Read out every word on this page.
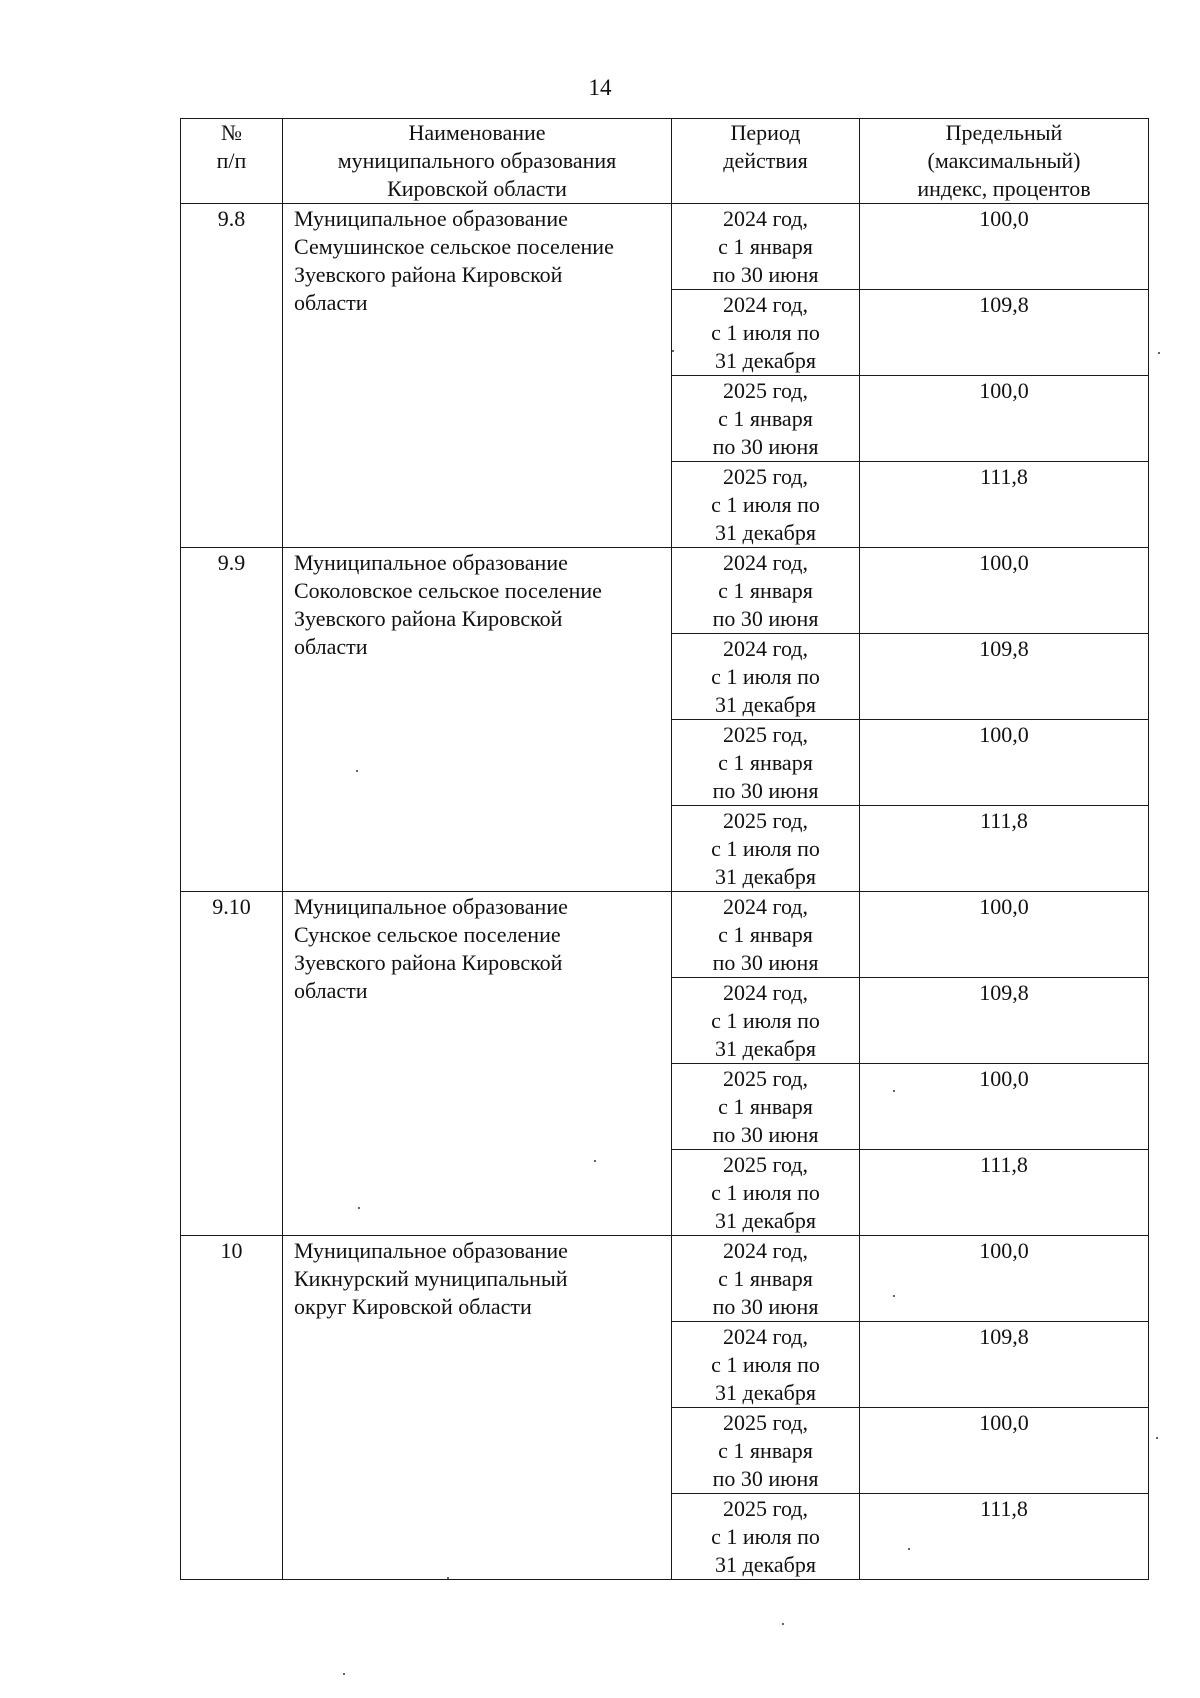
14
№
п/п	Наименование
муниципального образования
Кировской области	Период
действия	Предельный
(максимальный)
индекс, процентов

9.8	Муниципальное образование
Семушинское сельское поселение
Зуевского района Кировской
области	2024 год,
с 1 января
по 30 июня	100,0

		2024 год,
с 1 июля по
31 декабря	109,8

		2025 год,
с 1 января
по 30 июня	100,0

		2025 год,
с 1 июля по
31 декабря	111,8
9.9	Муниципальное образование
Соколовское сельское поселение
Зуевского района Кировской
области	2024 год,
с 1 января
по 30 июня	100,0

		2024 год,
с 1 июля по
31 декабря	109,8

		2025 год,
с 1 января
по 30 июня	100,0

		2025 год,
с 1 июля по
31 декабря	111,8
9.10	Муниципальное образование
Сунское сельское поселение
Зуевского района Кировской
области	2024 год,
с 1 января
по 30 июня	100,0

		2024 год,
с 1 июля по
31 декабря	109,8

		2025 год,
с 1 января
по 30 июня	100,0

		2025 год,
с 1 июля по
31 декабря	111,8
10	Муниципальное образование
Кикнурский муниципальный
округ Кировской области	2024 год,
с 1 января
по 30 июня	100,0

		2024 год,
с 1 июля по
31 декабря	109,8

		2025 год,
с 1 января
по 30 июня	100,0

		2025 год,
с 1 июля по
31 декабря	111,8
